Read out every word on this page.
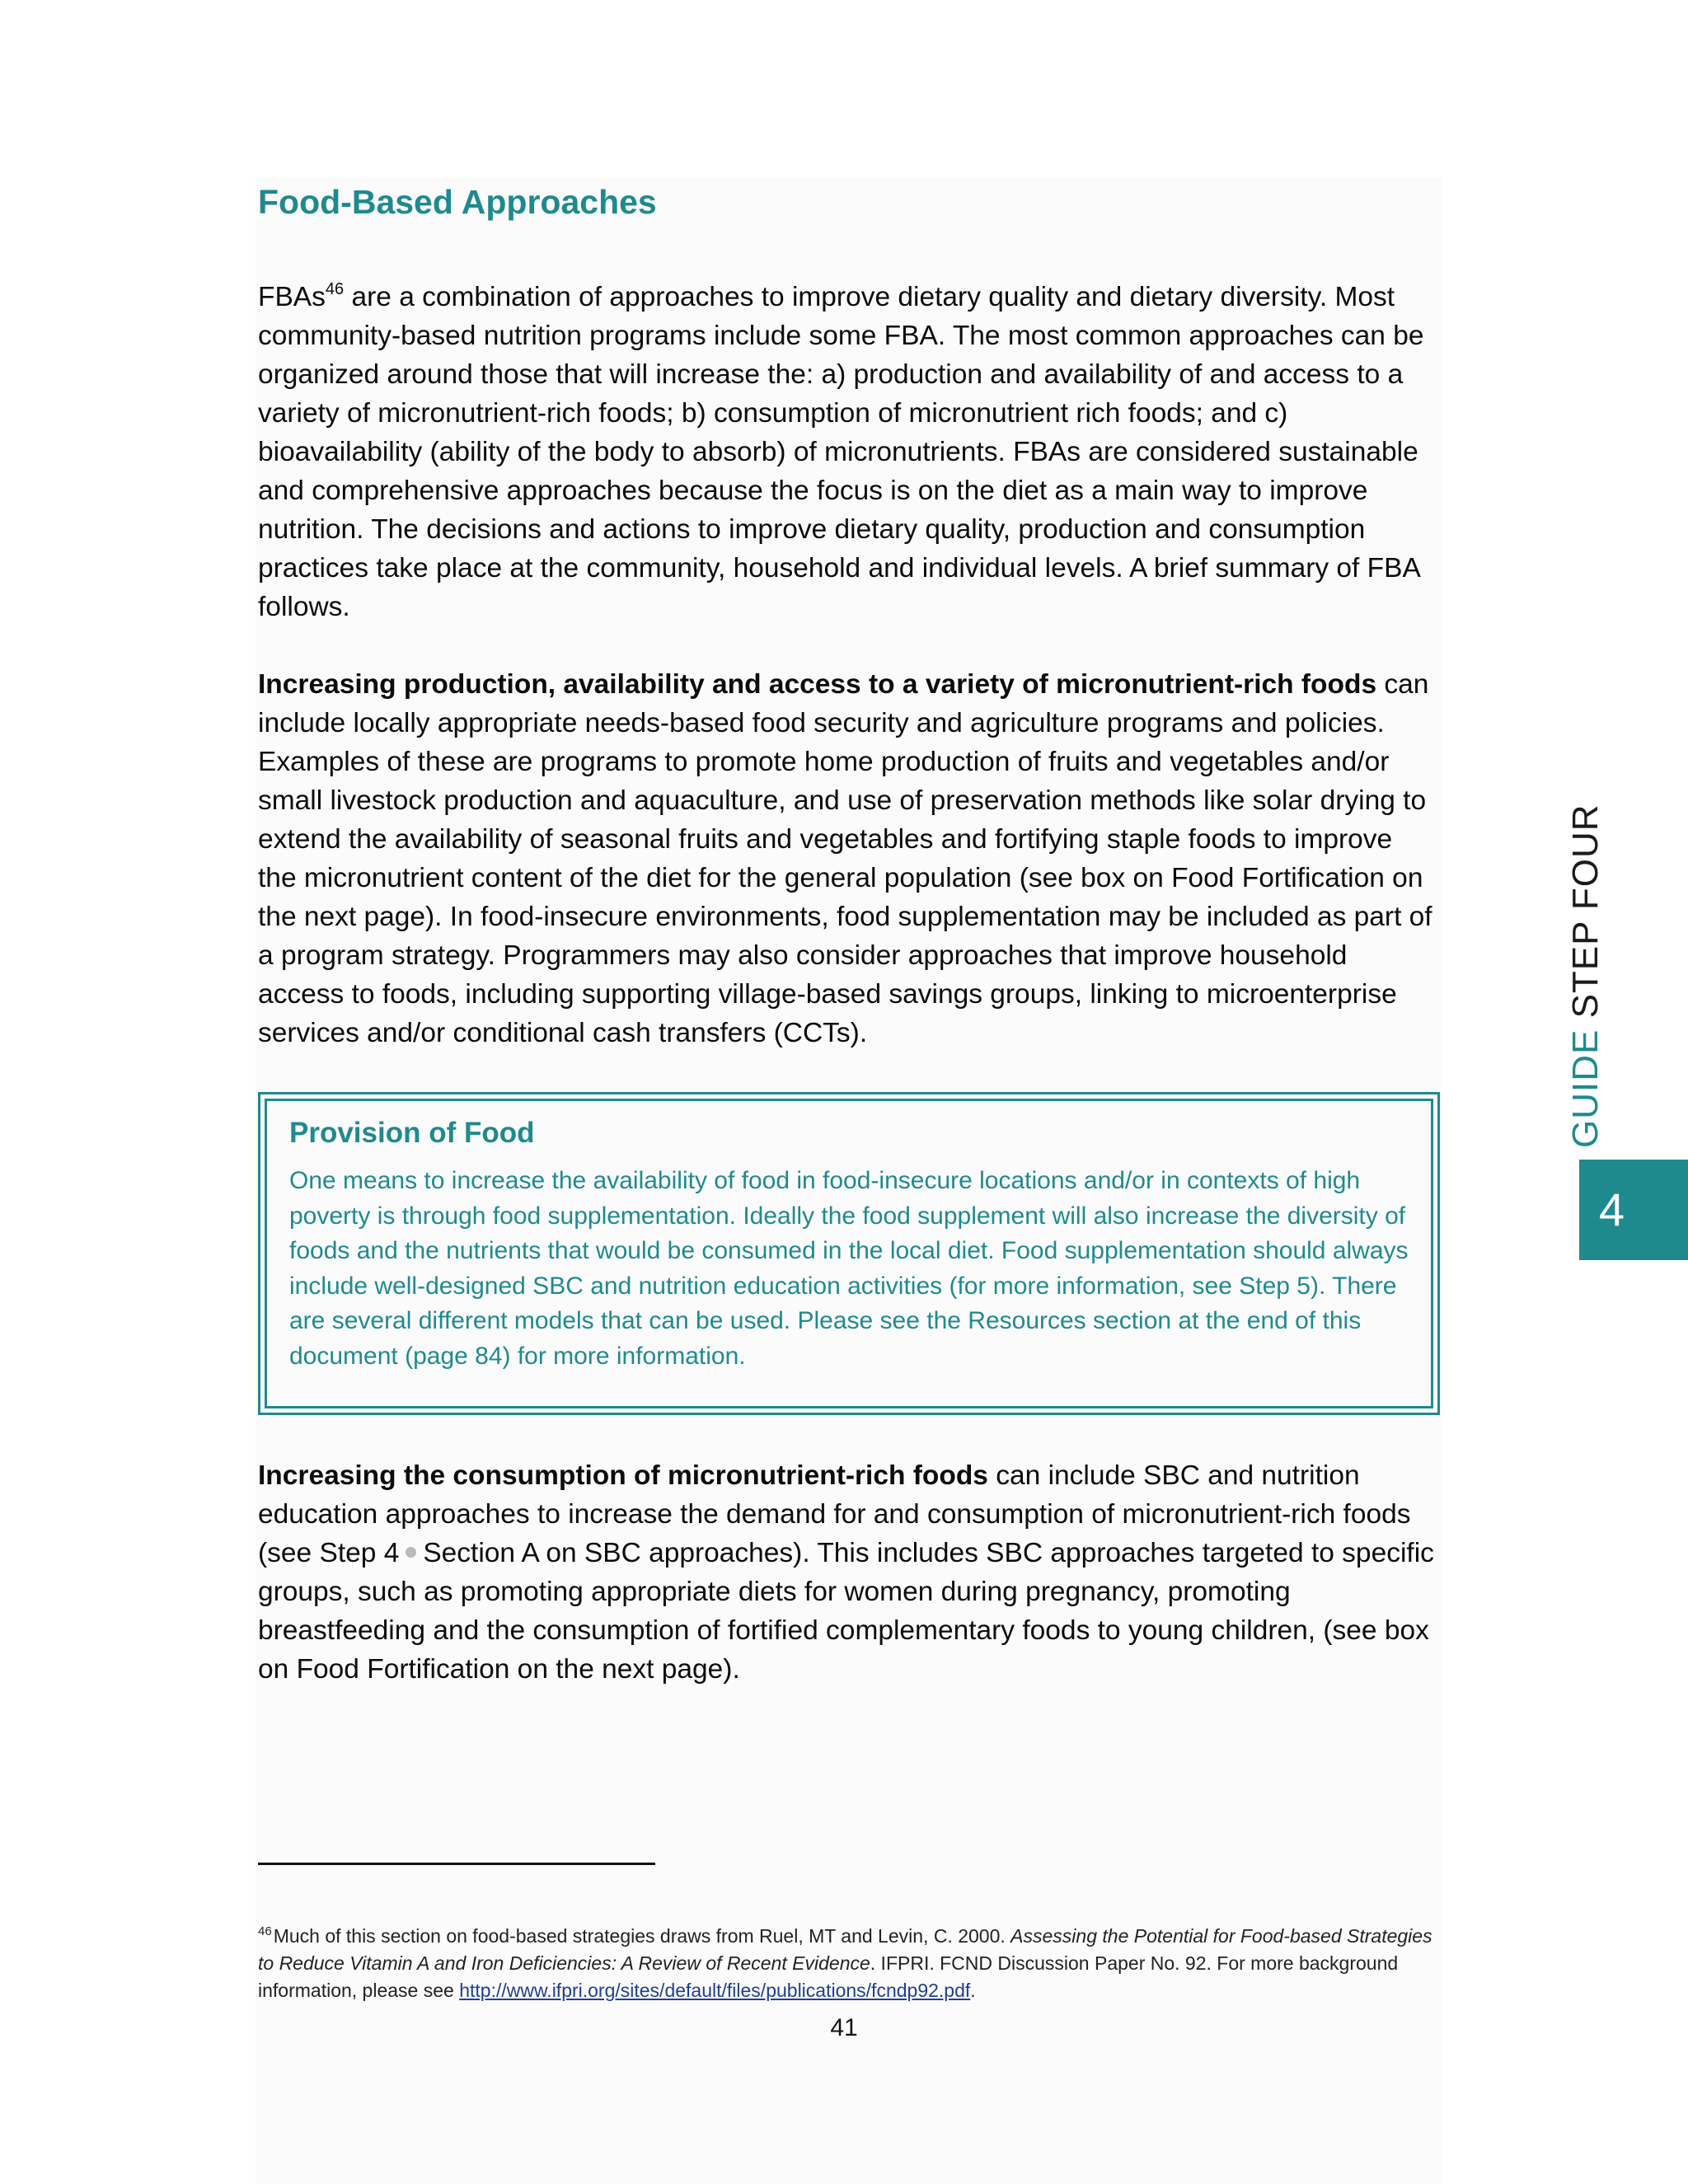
Food-Based Approaches

FBAs$^{46}$ are a combination of approaches to improve dietary quality and dietary diversity. Most community-based nutrition programs include some FBA. The most common approaches can be organized around those that will increase the: a) production and availability of and access to a variety of micronutrient-rich foods; b) consumption of micronutrient rich foods; and c) bioavailability (ability of the body to absorb) of micronutrients. FBAs are considered sustainable and comprehensive approaches because the focus is on the diet as a main way to improve nutrition. The decisions and actions to improve dietary quality, production and consumption practices take place at the community, household and individual levels. A brief summary of FBA follows.

Increasing production, availability and access to a variety of micronutrient-rich foods can include locally appropriate needs-based food security and agriculture programs and policies. Examples of these are programs to promote home production of fruits and vegetables and/or small livestock production and aquaculture, and use of preservation methods like solar drying to extend the availability of seasonal fruits and vegetables and fortifying staple foods to improve the micronutrient content of the diet for the general population (see box on Food Fortification on the next page). In food-insecure environments, food supplementation may be included as part of a program strategy. Programmers may also consider approaches that improve household access to foods, including supporting village-based savings groups, linking to microenterprise services and/or conditional cash transfers (CCTs).

Provision of Food

One means to increase the availability of food in food-insecure locations and/or in contexts of high poverty is through food supplementation. Ideally the food supplement will also increase the diversity of foods and the nutrients that would be consumed in the local diet. Food supplementation should always include well-designed SBC and nutrition education activities (for more information, see Step 5). There are several different models that can be used. Please see the Resources section at the end of this document (page 84) for more information.

Increasing the consumption of micronutrient-rich foods can include SBC and nutrition education approaches to increase the demand for and consumption of micronutrient-rich foods (see Step 4 Section A on SBC approaches). This includes SBC approaches targeted to specific groups, such as promoting appropriate diets for women during pregnancy, promoting breastfeeding and the consumption of fortified complementary foods to young children, (see box on Food Fortification on the next page).

$^{46}$Much of this section on food-based strategies draws from Ruel, MT and Levin, C. 2000. Assessing the Potential for Food-based Strategies to Reduce Vitamin A and Iron Deficiencies: A Review of Recent Evidence. IFPRI. FCND Discussion Paper No. 92. For more background information, please see http://www.ifpri.org/sites/default/files/publications/fcndp92.pdf.

41
GUIDE STEP FOUR
4
